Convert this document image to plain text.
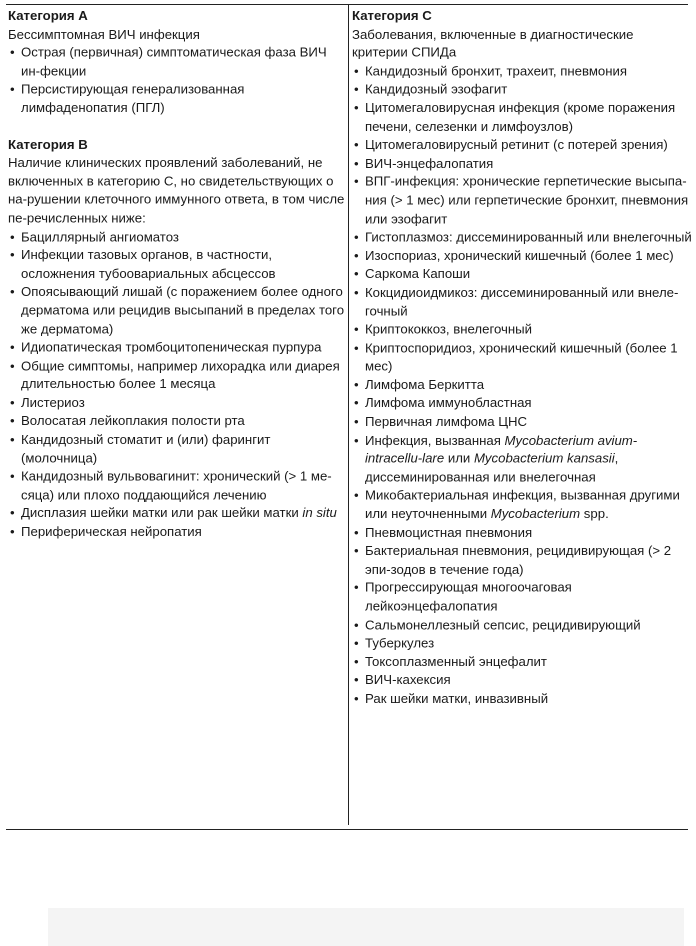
Категория А
Бессимптомная ВИЧ инфекция
• Острая (первичная) симптоматическая фаза ВИЧ ин-фекции
• Персистирующая генерализованная лимфаденопатия (ПГЛ)
Категория В
Наличие клинических проявлений заболеваний, не включенных в категорию С, но свидетельствующих о на-рушении клеточного иммунного ответа, в том числе пе-речисленных ниже:
• Бациллярный ангиоматоз
• Инфекции тазовых органов, в частности, осложнения тубоовариальных абсцессов
• Опоясывающий лишай (с поражением более одного дерматома или рецидив высыпаний в пределах того же дерматома)
• Идиопатическая тромбоцитопеническая пурпура
• Общие симптомы, например лихорадка или диарея длительностью более 1 месяца
• Листериоз
• Волосатая лейкоплакия полости рта
• Кандидозный стоматит и (или) фарингит (молочница)
• Кандидозный вульвовагинит: хронический (> 1 ме-сяца) или плохо поддающийся лечению
• Дисплазия шейки матки или рак шейки матки in situ
• Периферическая нейропатия
Категория С
Заболевания, включенные в диагностические критерии СПИДа
• Кандидозный бронхит, трахеит, пневмония
• Кандидозный эзофагит
• Цитомегаловирусная инфекция (кроме поражения печени, селезенки и лимфоузлов)
• Цитомегаловирусный ретинит (с потерей зрения)
• ВИЧ-энцефалопатия
• ВПГ-инфекция: хронические герпетические высыпа-ния (> 1 мес) или герпетические бронхит, пневмония или эзофагит
• Гистоплазмоз: диссеминированный или внелегочный
• Изоспориаз, хронический кишечный (более 1 мес)
• Саркома Капоши
• Кокцидиоидмикоз: диссеминированный или внеле-гочный
• Криптококкоз, внелегочный
• Криптоспоридиоз, хронический кишечный (более 1 мес)
• Лимфома Беркитта
• Лимфома иммунобластная
• Первичная лимфома ЦНС
• Инфекция, вызванная Mycobacterium avium-intracellu-lare или Mycobacterium kansasii, диссеминированная или внелегочная
• Микобактериальная инфекция, вызванная другими или неуточненными Mycobacterium spp.
• Пневмоцистная пневмония
• Бактериальная пневмония, рецидивирующая (> 2 эпи-зодов в течение года)
• Прогрессирующая многоочаговая лейкоэнцефалопатия
• Сальмонеллезный сепсис, рецидивирующий
• Туберкулез
• Токсоплазменный энцефалит
• ВИЧ-кахексия
• Рак шейки матки, инвазивный
